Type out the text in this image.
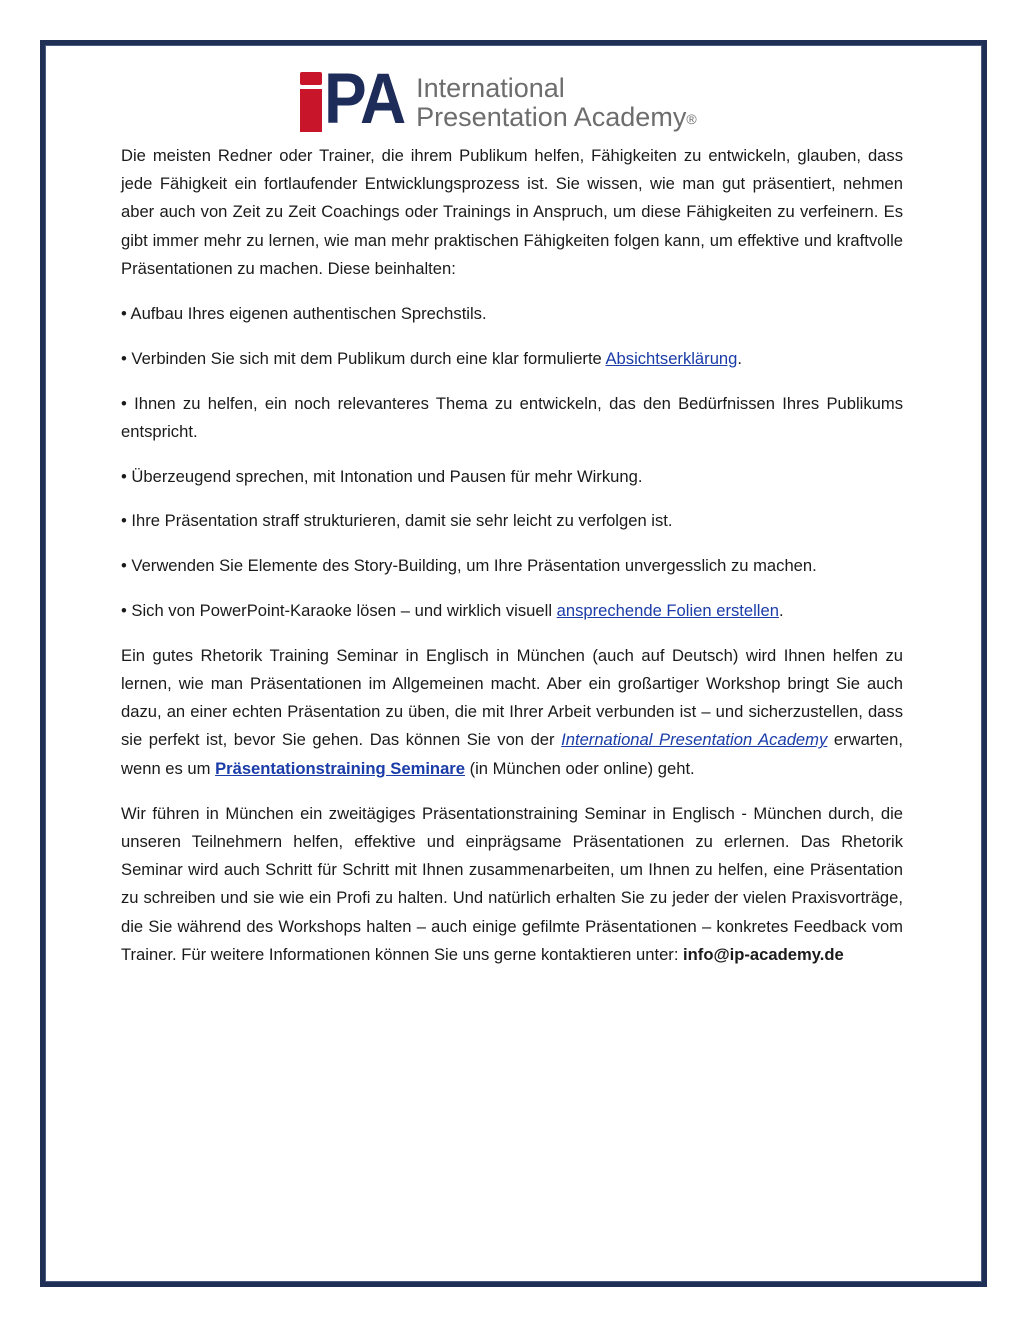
PA International
Presentation Academy®

Die meisten Redner oder Trainer, die ihrem Publikum helfen, Fähigkeiten zu entwickeln, glauben, dass jede Fähigkeit ein fortlaufender Entwicklungsprozess ist. Sie wissen, wie man gut präsentiert, nehmen aber auch von Zeit zu Zeit Coachings oder Trainings in Anspruch, um diese Fähigkeiten zu verfeinern. Es gibt immer mehr zu lernen, wie man mehr praktischen Fähigkeiten folgen kann, um effektive und kraftvolle Präsentationen zu machen. Diese beinhalten:

• Aufbau Ihres eigenen authentischen Sprechstils.

• Verbinden Sie sich mit dem Publikum durch eine klar formulierte Absichtserklärung.

• Ihnen zu helfen, ein noch relevanteres Thema zu entwickeln, das den Bedürfnissen Ihres Publikums entspricht.

• Überzeugend sprechen, mit Intonation und Pausen für mehr Wirkung.

• Ihre Präsentation straff strukturieren, damit sie sehr leicht zu verfolgen ist.

• Verwenden Sie Elemente des Story-Building, um Ihre Präsentation unvergesslich zu machen.

• Sich von PowerPoint-Karaoke lösen – und wirklich visuell ansprechende Folien erstellen.

Ein gutes Rhetorik Training Seminar in Englisch in München (auch auf Deutsch) wird Ihnen helfen zu lernen, wie man Präsentationen im Allgemeinen macht. Aber ein großartiger Workshop bringt Sie auch dazu, an einer echten Präsentation zu üben, die mit Ihrer Arbeit verbunden ist – und sicherzustellen, dass sie perfekt ist, bevor Sie gehen. Das können Sie von der International Presentation Academy erwarten, wenn es um Präsentationstraining Seminare (in München oder online) geht.

Wir führen in München ein zweitägiges Präsentationstraining Seminar in Englisch - München durch, die unseren Teilnehmern helfen, effektive und einprägsame Präsentationen zu erlernen. Das Rhetorik Seminar wird auch Schritt für Schritt mit Ihnen zusammenarbeiten, um Ihnen zu helfen, eine Präsentation zu schreiben und sie wie ein Profi zu halten. Und natürlich erhalten Sie zu jeder der vielen Praxisvorträge, die Sie während des Workshops halten – auch einige gefilmte Präsentationen – konkretes Feedback vom Trainer. Für weitere Informationen können Sie uns gerne kontaktieren unter: info@ip-academy.de
